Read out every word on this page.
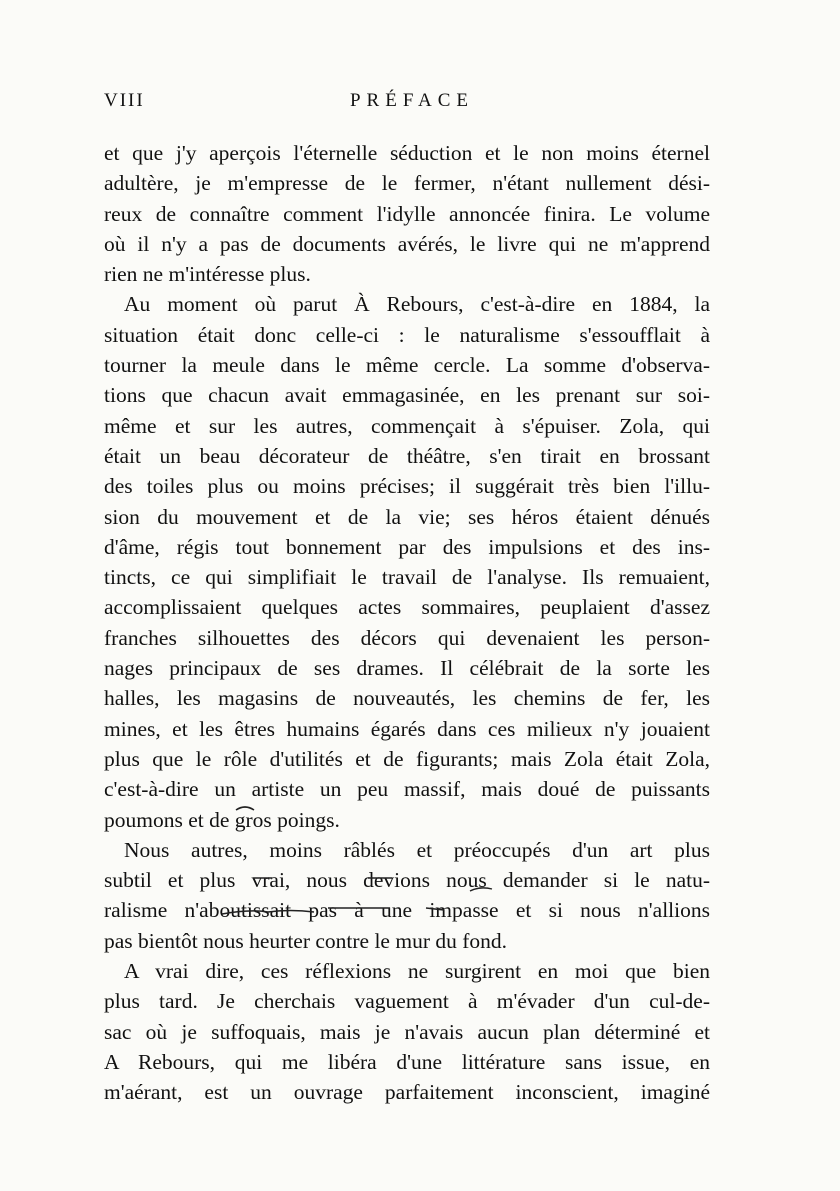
VIII	PRÉFACE
et que j'y aperçois l'éternelle séduction et le non moins éternel
adultère, je m'empresse de le fermer, n'étant nullement dési-
reux de connaître comment l'idylle annoncée finira. Le volume
où il n'y a pas de documents avérés, le livre qui ne m'apprend
rien ne m'intéresse plus.
Au moment où parut À Rebours, c'est-à-dire en 1884, la
situation était donc celle-ci : le naturalisme s'essoufflait à
tourner la meule dans le même cercle. La somme d'observa-
tions que chacun avait emmagasinée, en les prenant sur soi-
même et sur les autres, commençait à s'épuiser. Zola, qui
était un beau décorateur de théâtre, s'en tirait en brossant
des toiles plus ou moins précises; il suggérait très bien l'illu-
sion du mouvement et de la vie; ses héros étaient dénués
d'âme, régis tout bonnement par des impulsions et des ins-
tincts, ce qui simplifiait le travail de l'analyse. Ils remuaient,
accomplissaient quelques actes sommaires, peuplaient d'assez
franches silhouettes des décors qui devenaient les person-
nages principaux de ses drames. Il célébrait de la sorte les
halles, les magasins de nouveautés, les chemins de fer, les
mines, et les êtres humains égarés dans ces milieux n'y jouaient
plus que le rôle d'utilités et de figurants; mais Zola était Zola,
c'est-à-dire un artiste un peu massif, mais doué de puissants
poumons et de gros poings.
Nous autres, moins râblés et préoccupés d'un art plus
subtil et plus vrai, nous devions nous demander si le natu-
ralisme n'aboutissait pas à une impasse et si nous n'allions
pas bientôt nous heurter contre le mur du fond.
A vrai dire, ces réflexions ne surgirent en moi que bien
plus tard. Je cherchais vaguement à m'évader d'un cul-de-
sac où je suffoquais, mais je n'avais aucun plan déterminé et
A Rebours, qui me libéra d'une littérature sans issue, en
m'aérant, est un ouvrage parfaitement inconscient, imaginé
